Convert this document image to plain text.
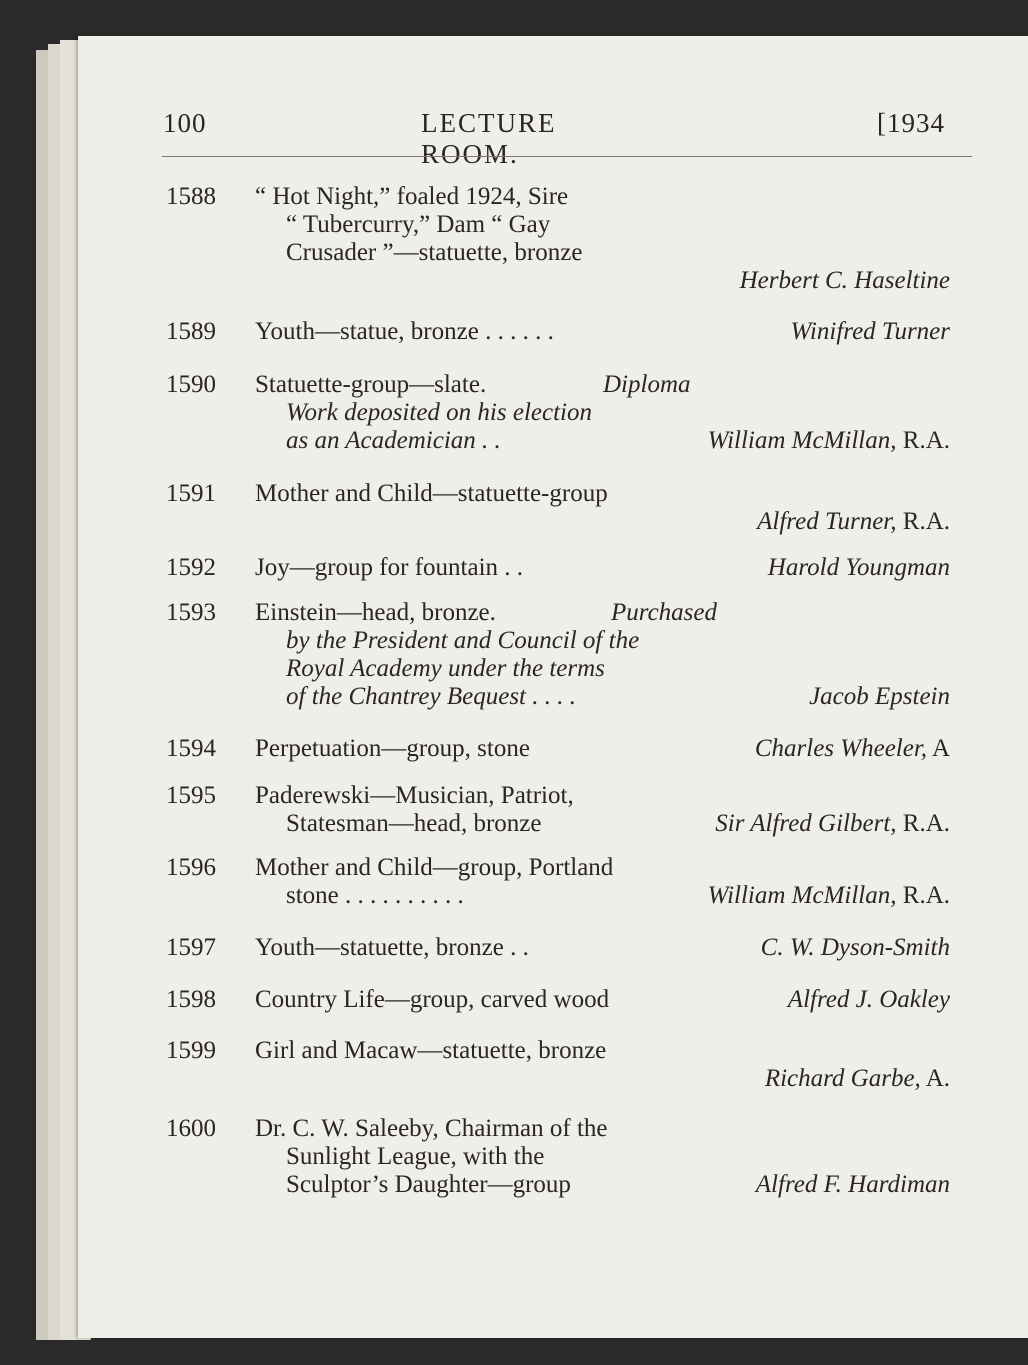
100	LECTURE ROOM.
[1934
1588 “ Hot Night,” foaled 1924, Sire
“ Tubercurry,” Dam “ Gay
Crusader ”—statuette, bronze
Herbert C. Haseltine
1589 Youth—statue, bronze . . . . . .	Winifred Turner
1590 Statuette-group—slate.	Diploma
Work deposited on his election
as an Academician . .	William McMillan, R.A.
1591 Mother and Child—statuette-group
Alfred Turner, R.A.
1592 Joy—group for fountain . .	Harold Youngman
1593 Einstein—head, bronze.	Purchased
by the President and Council of the
Royal Academy under the terms
of the Chantrey Bequest . . . .	Jacob Epstein
1594 Perpetuation—group, stone	Charles Wheeler, A
1595 Paderewski—Musician, Patriot,
Statesman—head, bronze	Sir Alfred Gilbert, R.A.
1596 Mother and Child—group, Portland
stone . . . . . . . . . .	William McMillan, R.A.
1597 Youth—statuette, bronze . .	C. W. Dyson-Smith
1598 Country Life—group, carved wood	Alfred J. Oakley
1599 Girl and Macaw—statuette, bronze
Richard Garbe, A.
1600 Dr. C. W. Saleeby, Chairman of the
Sunlight League, with the
Sculptor’s Daughter—group	Alfred F. Hardiman
